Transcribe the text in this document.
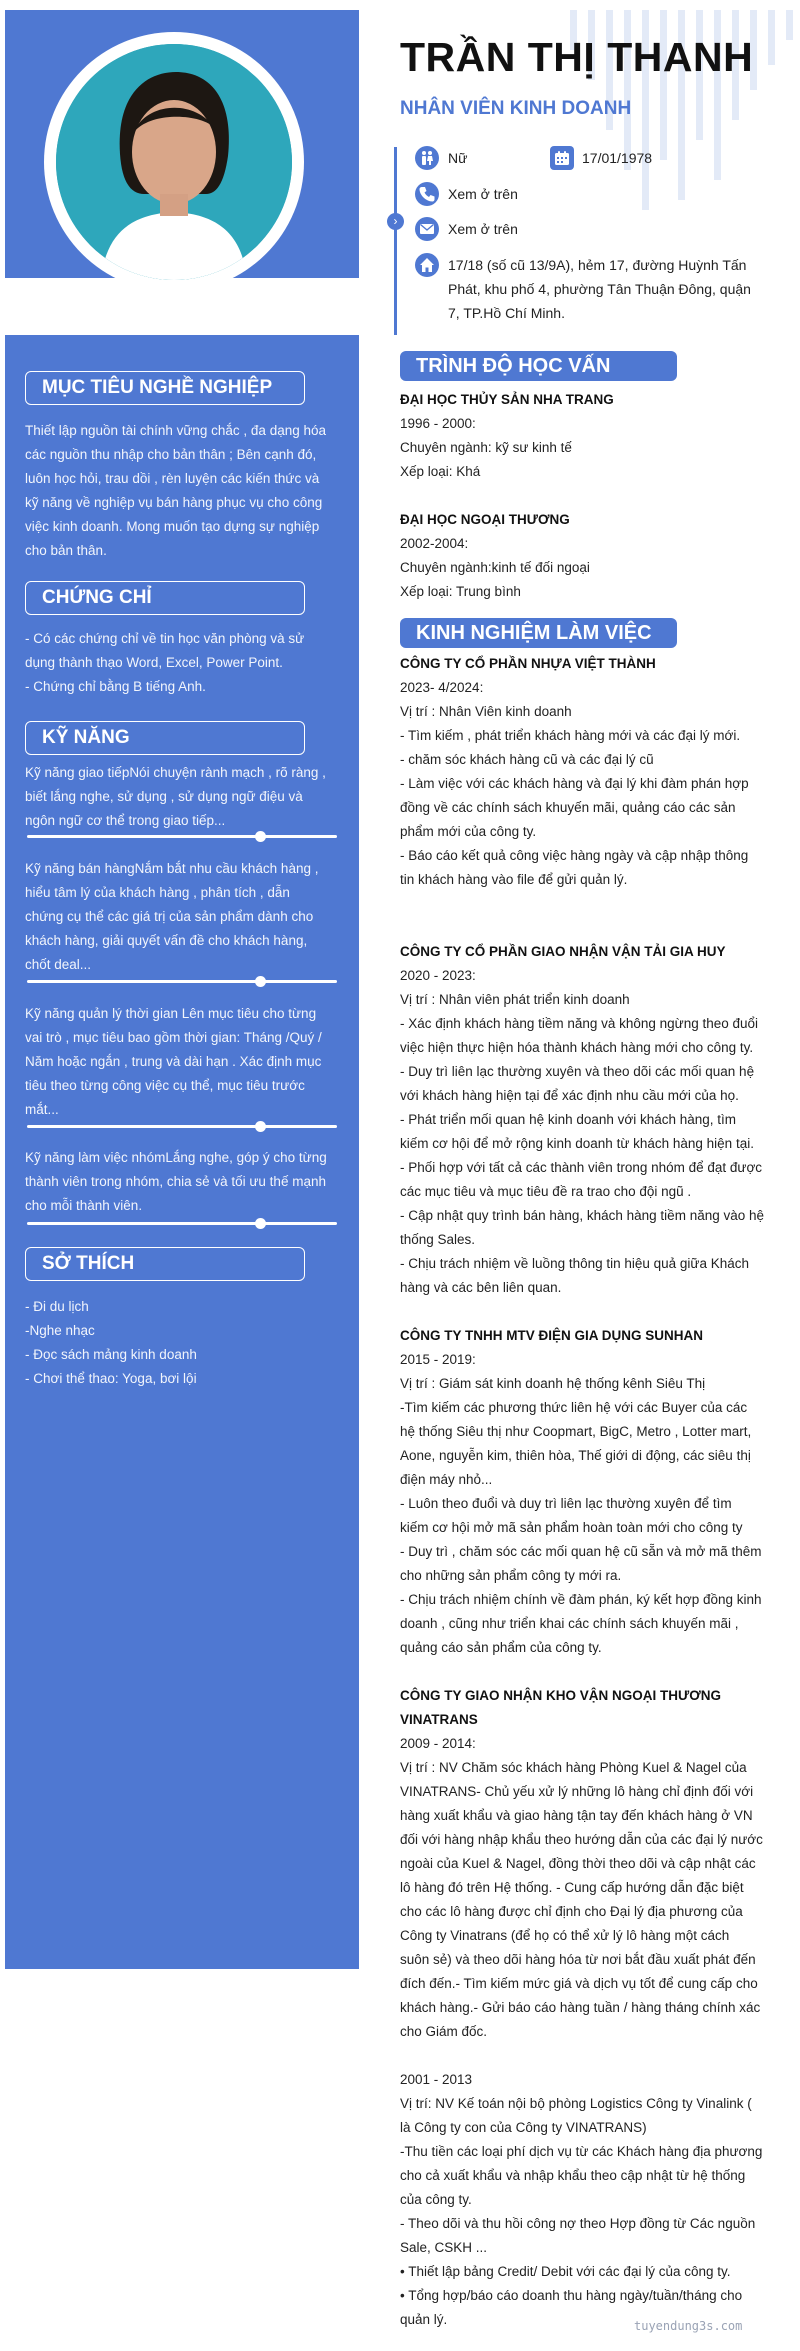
MỤC TIÊU NGHỀ NGHIỆP

Thiết lập nguồn tài chính vững chắc , đa dạng hóa

các nguồn thu nhập cho bản thân ; Bên cạnh đó,

luôn học hỏi, trau dồi , rèn luyện các kiến thức và

kỹ năng về nghiệp vụ bán hàng phục vụ cho công

việc kinh doanh. Mong muốn tạo dựng sự nghiệp

cho bản thân.

CHỨNG CHỈ

- Có các chứng chỉ về tin học văn phòng và sử

dụng thành thạo Word, Excel, Power Point.

- Chứng chỉ bằng B tiếng Anh.

KỸ NĂNG

Kỹ năng giao tiếpNói chuyện rành mạch , rõ ràng ,

biết lắng nghe, sử dụng , sử dụng ngữ điệu và

ngôn ngữ cơ thể trong giao tiếp...

Kỹ năng bán hàngNắm bắt nhu cầu khách hàng ,

hiểu tâm lý của khách hàng , phân tích , dẫn

chứng cụ thể các giá trị của sản phẩm dành cho

khách hàng, giải quyết vấn đề cho khách hàng,

chốt deal...

Kỹ năng quản lý thời gian Lên mục tiêu cho từng

vai trò , mục tiêu bao gồm thời gian: Tháng /Quý /

Năm hoặc ngắn , trung và dài hạn . Xác định mục

tiêu theo từng công việc cụ thể, mục tiêu trước

mắt...

Kỹ năng làm việc nhómLắng nghe, góp ý cho từng

thành viên trong nhóm, chia sẻ và tối ưu thế mạnh

cho mỗi thành viên.

SỞ THÍCH

- Đi du lịch

-Nghe nhạc

- Đọc sách mảng kinh doanh

- Chơi thể thao: Yoga, bơi lội

TRẦN THỊ THANH
NHÂN VIÊN KINH DOANH
›
Nữ	17/01/1978
Xem ở trên
Xem ở trên
17/18 (số cũ 13/9A), hẻm 17, đường Huỳnh Tấn
Phát, khu phố 4, phường Tân Thuận Đông, quận
7, TP.Hồ Chí Minh.
TRÌNH ĐỘ HỌC VẤN

ĐẠI HỌC THỦY SẢN NHA TRANG

1996 - 2000:

Chuyên ngành: kỹ sư kinh tế

Xếp loại: Khá

ĐẠI HỌC NGOẠI THƯƠNG

2002-2004:

Chuyên ngành:kinh tế đối ngoại

Xếp loại: Trung bình

KINH NGHIỆM LÀM VIỆC

CÔNG TY CỔ PHẦN NHỰA VIỆT THÀNH

2023- 4/2024:

Vị trí : Nhân Viên kinh doanh

- Tìm kiếm , phát triển khách hàng mới và các đại lý mới.

- chăm sóc khách hàng cũ và các đại lý cũ

- Làm việc với các khách hàng và đại lý khi đàm phán hợp

đồng về các chính sách khuyến mãi, quảng cáo các sản

phẩm mới của công ty.

- Báo cáo kết quả công việc hàng ngày và cập nhập thông

tin khách hàng vào file để gửi quản lý.

CÔNG TY CỔ PHẦN GIAO NHẬN VẬN TẢI GIA HUY

2020 - 2023:

Vị trí : Nhân viên phát triển kinh doanh

- Xác định khách hàng tiềm năng và không ngừng theo đuổi

việc hiện thực hiện hóa thành khách hàng mới cho công ty.

- Duy trì liên lạc thường xuyên và theo dõi các mối quan hệ

với khách hàng hiện tại để xác định nhu cầu mới của họ.

- Phát triển mối quan hệ kinh doanh với khách hàng, tìm

kiếm cơ hội để mở rộng kinh doanh từ khách hàng hiện tại.

- Phối hợp với tất cả các thành viên trong nhóm để đạt được

các mục tiêu và mục tiêu đề ra trao cho đội ngũ .

- Cập nhật quy trình bán hàng, khách hàng tiềm năng vào hệ

thống Sales.

- Chịu trách nhiệm về luồng thông tin hiệu quả giữa Khách

hàng và các bên liên quan.

CÔNG TY TNHH MTV ĐIỆN GIA DỤNG SUNHAN

2015 - 2019:

Vị trí : Giám sát kinh doanh hệ thống kênh Siêu Thị

-Tìm kiếm các phương thức liên hệ với các Buyer của các

hệ thống Siêu thị như Coopmart, BigC, Metro , Lotter mart,

Aone, nguyễn kim, thiên hòa, Thế giới di động, các siêu thị

điện máy nhỏ...

- Luôn theo đuổi và duy trì liên lạc thường xuyên để tìm

kiếm cơ hội mở mã sản phẩm hoàn toàn mới cho công ty

- Duy trì , chăm sóc các mối quan hệ cũ sẵn và mở mã thêm

cho những sản phẩm công ty mới ra.

- Chịu trách nhiệm chính về đàm phán, ký kết hợp đồng kinh

doanh , cũng như triển khai các chính sách khuyến mãi ,

quảng cáo sản phẩm của công ty.

CÔNG TY GIAO NHẬN KHO VẬN NGOẠI THƯƠNG

VINATRANS

2009 - 2014:

Vị trí : NV Chăm sóc khách hàng Phòng Kuel & Nagel của

VINATRANS- Chủ yếu xử lý những lô hàng chỉ định đối với

hàng xuất khẩu và giao hàng tận tay đến khách hàng ở VN

đối với hàng nhập khẩu theo hướng dẫn của các đại lý nước

ngoài của Kuel & Nagel, đồng thời theo dõi và cập nhật các

lô hàng đó trên Hệ thống. - Cung cấp hướng dẫn đặc biệt

cho các lô hàng được chỉ định cho Đại lý địa phương của

Công ty Vinatrans (để họ có thể xử lý lô hàng một cách

suôn sẻ) và theo dõi hàng hóa từ nơi bắt đầu xuất phát đến

đích đến.- Tìm kiếm mức giá và dịch vụ tốt để cung cấp cho

khách hàng.- Gửi báo cáo hàng tuần / hàng tháng chính xác

cho Giám đốc.

2001 - 2013

Vị trí: NV Kế toán nội bộ phòng Logistics Công ty Vinalink (

là Công ty con của Công ty VINATRANS)

-Thu tiền các loại phí dịch vụ từ các Khách hàng địa phương

cho cả xuất khẩu và nhập khẩu theo cập nhật từ hệ thống

của công ty.

- Theo dõi và thu hồi công nợ theo Hợp đồng từ Các nguồn

Sale, CSKH ...

• Thiết lập bảng Credit/ Debit với các đại lý của công ty.

• Tổng hợp/báo cáo doanh thu hàng ngày/tuần/tháng cho

quản lý.	tuyendung3s.com
